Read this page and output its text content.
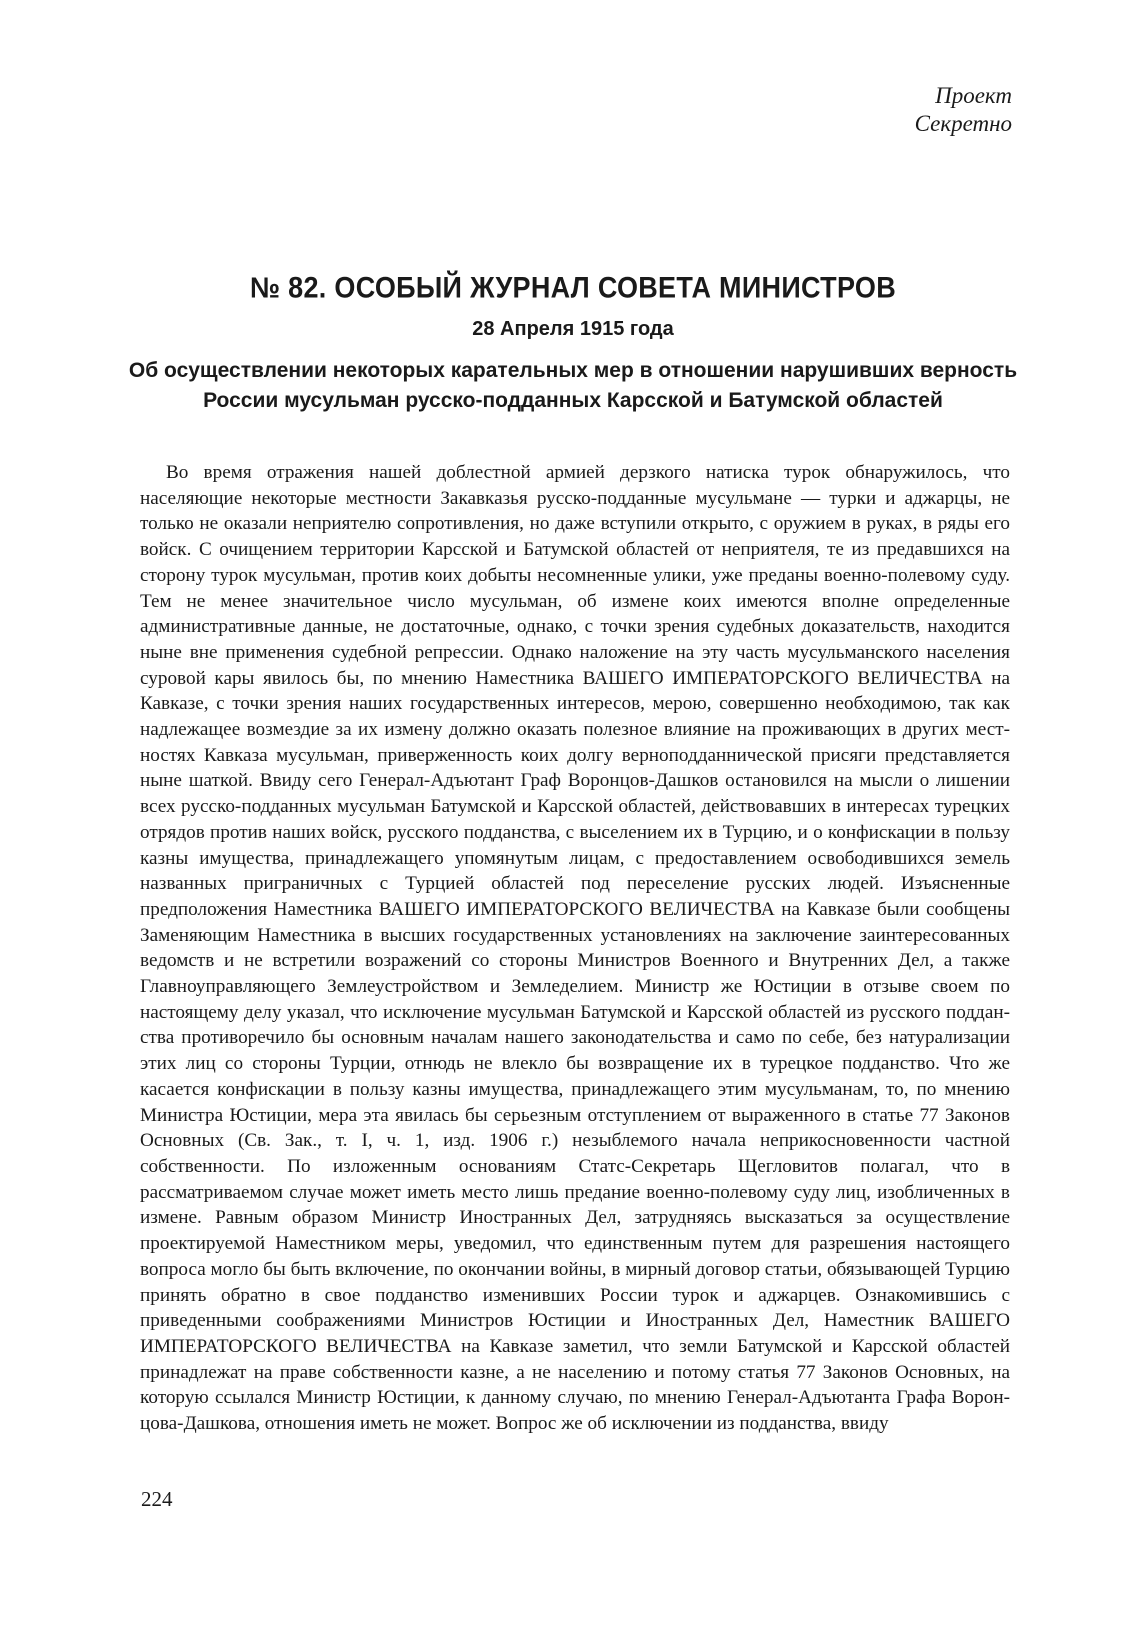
Проект
Секретно
№ 82. ОСОБЫЙ ЖУРНАЛ СОВЕТА МИНИСТРОВ
28 Апреля 1915 года
Об осуществлении некоторых карательных мер в отношении нарушивших верность
России мусульман русско-подданных Карсской и Батумской областей

Во время отражения нашей доблестной армией дерзкого натиска турок обнаружилось, что населяющие некоторые местности Закавказья русско-подданные мусульмане — турки и аджарцы, не только не оказали неприятелю сопротивления, но даже вступили открыто, с оружием в руках, в ряды его войск. С очищением территории Карсской и Батумской областей от неприятеля, те из предавшихся на сторону турок мусульман, против коих добыты несомненные улики, уже преданы военно-полевому суду. Тем не менее значительное число мусульман, об измене коих имеются вполне определенные административные данные, не достаточные, однако, с точки зрения судебных доказательств, находится ныне вне применения судебной репрессии. Однако наложение на эту часть мусульманского населения суровой кары явилось бы, по мнению Наместника ВАШЕГО ИМПЕРАТОРСКОГО ВЕЛИЧЕСТВА на Кавказе, с точки зрения наших государственных интересов, мерою, совершенно необходимою, так как надлежащее возмездие за их измену должно оказать полезное влияние на проживающих в других местностях Кавказа мусульман, приверженность коих долгу верноподданнической присяги представляется ныне шаткой. Ввиду сего Генерал-Адъютант Граф Воронцов-Дашков остановился на мысли о лишении всех русско-подданных мусульман Батумской и Карсской областей, действовавших в интересах турецких отрядов против наших войск, русского подданства, с выселением их в Турцию, и о конфискации в пользу казны имущества, принадлежащего упомянутым лицам, с предоставлением освободившихся земель названных приграничных с Турцией областей под переселение русских людей. Изъясненные предположения Наместника ВАШЕГО ИМПЕРАТОРСКОГО ВЕЛИЧЕСТВА на Кавказе были сообщены Заменяющим Наместника в высших государственных установлениях на заключение заинтересованных ведомств и не встретили возражений со стороны Министров Военного и Внутренних Дел, а также Главноуправляющего Землеустройством и Земледелием. Министр же Юстиции в отзыве своем по настоящему делу указал, что исключение мусульман Батумской и Карсской областей из русского подданства противоречило бы основным началам нашего законодательства и само по себе, без натурализации этих лиц со стороны Турции, отнюдь не влекло бы возвращение их в турецкое подданство. Что же касается конфискации в пользу казны имущества, принадлежащего этим мусульманам, то, по мнению Министра Юстиции, мера эта явилась бы серьезным отступлением от выраженного в статье 77 Законов Основных (Св. Зак., т. I, ч. 1, изд. 1906 г.) незыблемого начала неприкосновенности частной собственности. По изложенным основаниям Статс-Секретарь Щегловитов полагал, что в рассматриваемом случае может иметь место лишь предание военно-полевому суду лиц, изобличенных в измене. Равным образом Министр Иностранных Дел, затрудняясь высказаться за осуществление проектируемой Наместником меры, уведомил, что единственным путем для разрешения настоящего вопроса могло бы быть включение, по окончании войны, в мирный договор статьи, обязывающей Турцию принять обратно в свое подданство изменивших России турок и аджарцев. Ознакомившись с приведенными соображениями Министров Юстиции и Иностранных Дел, Наместник ВАШЕГО ИМПЕРАТОРСКОГО ВЕЛИЧЕСТВА на Кавказе заметил, что земли Батумской и Карсской областей принадлежат на праве собственности казне, а не населению и потому статья 77 Законов Основных, на которую ссылался Министр Юстиции, к данному случаю, по мнению Генерал-Адъютанта Графа Воронцова-Дашкова, отношения иметь не может. Вопрос же об исключении из подданства, ввиду

224
